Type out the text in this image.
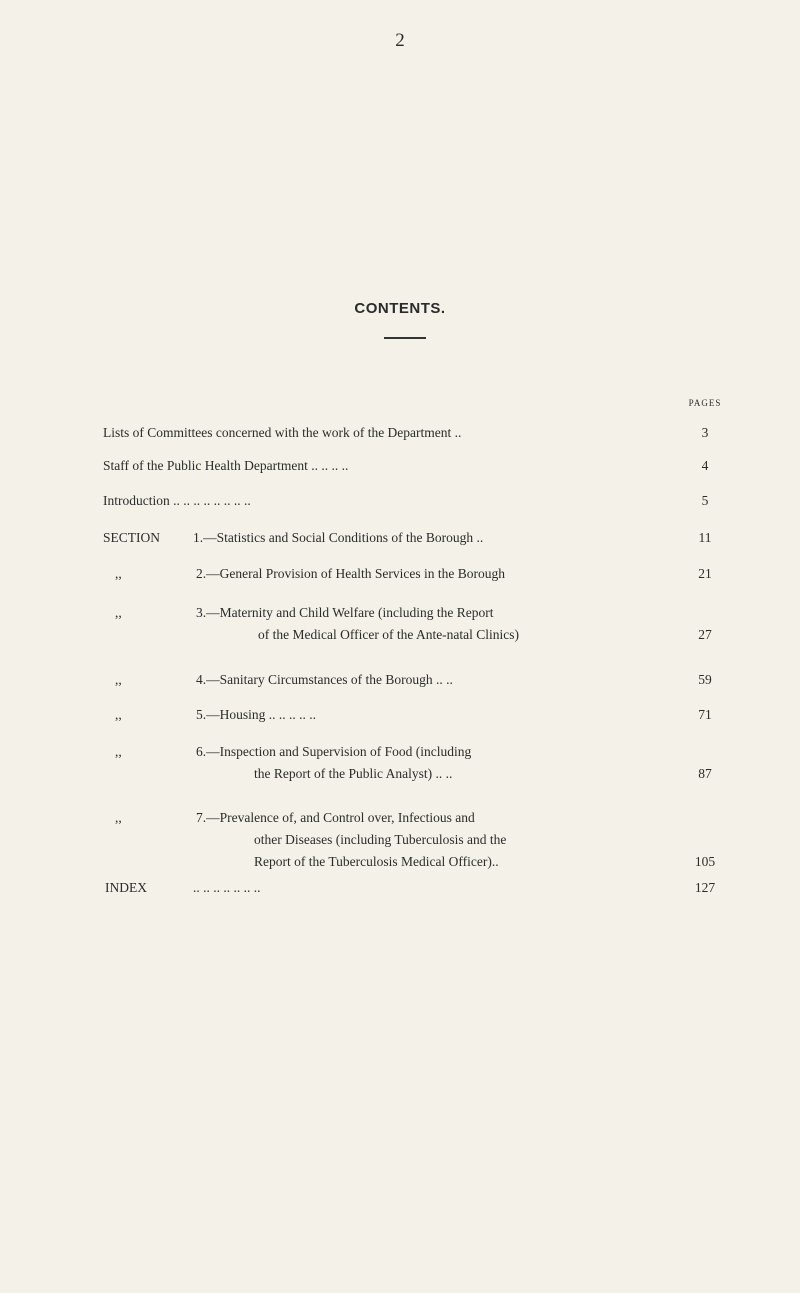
2
CONTENTS.
PAGES
Lists of Committees concerned with the work of the Department ..	3
Staff of the Public Health Department .. .. .. ..	4
Introduction .. .. .. .. .. .. .. ..	5
SECTION 1.—Statistics and Social Conditions of the Borough ..	11
,,	2.—General Provision of Health Services in the Borough	21
,,	3.—Maternity and Child Welfare (including the Report
of the Medical Officer of the Ante-natal Clinics)	27
,,	4.—Sanitary Circumstances of the Borough .. ..	59
,,	5.—Housing .. .. .. .. ..	71
,,	6.—Inspection and Supervision of Food (including
the Report of the Public Analyst) .. ..	87
,,	7.—Prevalence of, and Control over, Infectious and
other Diseases (including Tuberculosis and the
Report of the Tuberculosis Medical Officer)..	105
INDEX	.. .. .. .. .. .. ..	127
